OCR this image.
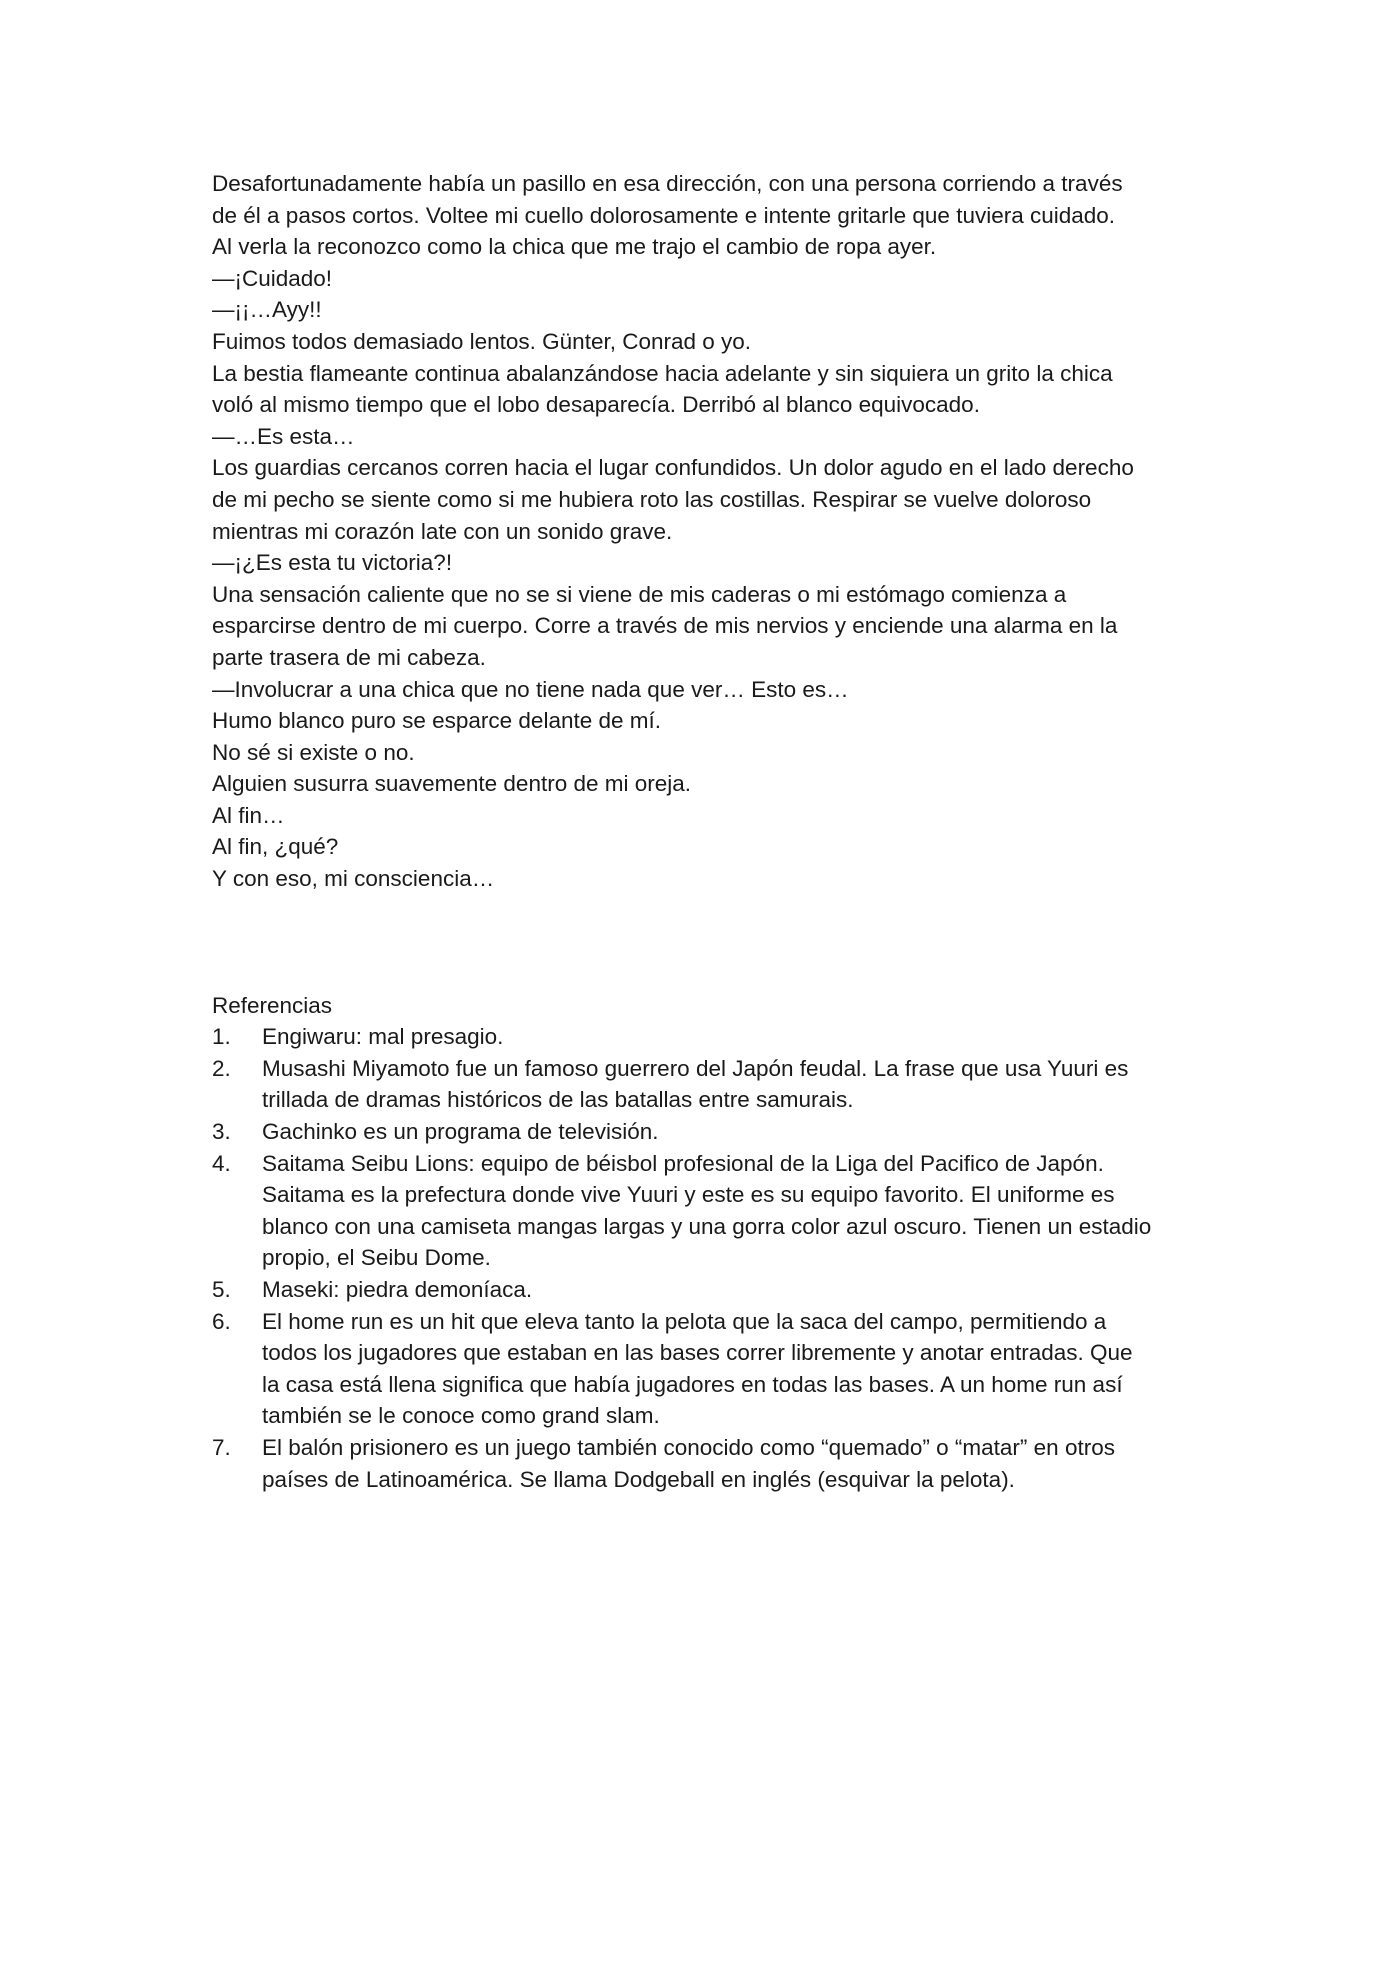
Desafortunadamente había un pasillo en esa dirección, con una persona corriendo a través

de él a pasos cortos. Voltee mi cuello dolorosamente e intente gritarle que tuviera cuidado.

Al verla la reconozco como la chica que me trajo el cambio de ropa ayer.

—¡Cuidado!

—¡¡…Ayy!!

Fuimos todos demasiado lentos. Günter, Conrad o yo.

La bestia flameante continua abalanzándose hacia adelante y sin siquiera un grito la chica

voló al mismo tiempo que el lobo desaparecía. Derribó al blanco equivocado.

—…Es esta…

Los guardias cercanos corren hacia el lugar confundidos. Un dolor agudo en el lado derecho

de mi pecho se siente como si me hubiera roto las costillas. Respirar se vuelve doloroso

mientras mi corazón late con un sonido grave.

—¡¿Es esta tu victoria?!

Una sensación caliente que no se si viene de mis caderas o mi estómago comienza a

esparcirse dentro de mi cuerpo. Corre a través de mis nervios y enciende una alarma en la

parte trasera de mi cabeza.

—Involucrar a una chica que no tiene nada que ver… Esto es…

Humo blanco puro se esparce delante de mí.

No sé si existe o no.

Alguien susurra suavemente dentro de mi oreja.

Al fin…

Al fin, ¿qué?

Y con eso, mi consciencia…

Referencias

1.	Engiwaru: mal presagio.

2.	Musashi Miyamoto fue un famoso guerrero del Japón feudal. La frase que usa Yuuri es

trillada de dramas históricos de las batallas entre samurais.

3.	Gachinko es un programa de televisión.

4.	Saitama Seibu Lions: equipo de béisbol profesional de la Liga del Pacifico de Japón.

Saitama es la prefectura donde vive Yuuri y este es su equipo favorito. El uniforme es

blanco con una camiseta mangas largas y una gorra color azul oscuro. Tienen un estadio

propio, el Seibu Dome.

5.	Maseki: piedra demoníaca.

6.	El home run es un hit que eleva tanto la pelota que la saca del campo, permitiendo a

todos los jugadores que estaban en las bases correr libremente y anotar entradas. Que

la casa está llena significa que había jugadores en todas las bases. A un home run así

también se le conoce como grand slam.

7.	El balón prisionero es un juego también conocido como “quemado” o “matar” en otros

países de Latinoamérica. Se llama Dodgeball en inglés (esquivar la pelota).
